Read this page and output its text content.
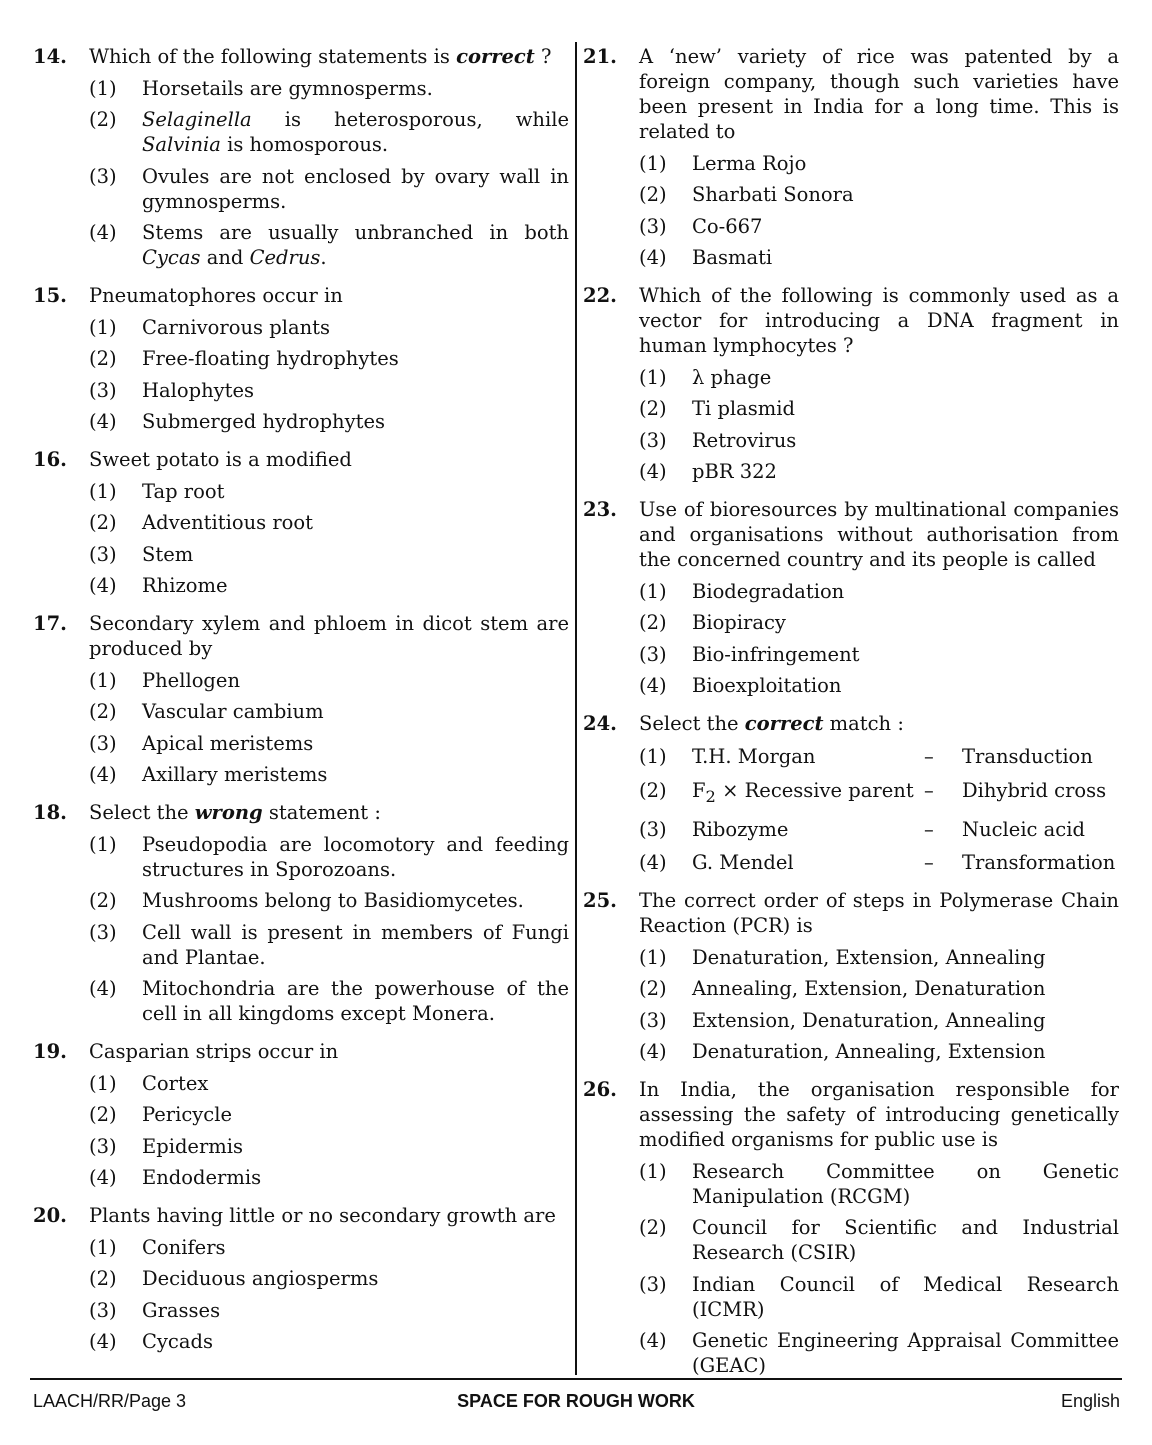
14.	Which of the following statements is correct ?
(1)	Horsetails are gymnosperms.
(2)	Selaginella is heterosporous, while Salvinia is homosporous.
(3)	Ovules are not enclosed by ovary wall in gymnosperms.
(4)	Stems are usually unbranched in both Cycas and Cedrus.
15.	Pneumatophores occur in
(1)	Carnivorous plants
(2)	Free-floating hydrophytes
(3)	Halophytes
(4)	Submerged hydrophytes
16.	Sweet potato is a modified
(1)	Tap root
(2)	Adventitious root
(3)	Stem
(4)	Rhizome
17.	Secondary xylem and phloem in dicot stem are produced by
(1)	Phellogen
(2)	Vascular cambium
(3)	Apical meristems
(4)	Axillary meristems
18.	Select the wrong statement :
(1)	Pseudopodia are locomotory and feeding structures in Sporozoans.
(2)	Mushrooms belong to Basidiomycetes.
(3)	Cell wall is present in members of Fungi and Plantae.
(4)	Mitochondria are the powerhouse of the cell in all kingdoms except Monera.
19.	Casparian strips occur in
(1)	Cortex
(2)	Pericycle
(3)	Epidermis
(4)	Endodermis
20.	Plants having little or no secondary growth are
(1)	Conifers
(2)	Deciduous angiosperms
(3)	Grasses
(4)	Cycads
21.	A ‘new’ variety of rice was patented by a foreign company, though such varieties have been present in India for a long time. This is related to
(1)	Lerma Rojo
(2)	Sharbati Sonora
(3)	Co-667
(4)	Basmati
22.	Which of the following is commonly used as a vector for introducing a DNA fragment in human lymphocytes ?
(1)	λ phage
(2)	Ti plasmid
(3)	Retrovirus
(4)	pBR 322
23.	Use of bioresources by multinational companies and organisations without authorisation from the concerned country and its people is called
(1)	Biodegradation
(2)	Biopiracy
(3)	Bio-infringement
(4)	Bioexploitation
24.	Select the correct match :
(1)	T.H. Morgan	–	Transduction
(2)	$F_2$ × Recessive parent –	Dihybrid cross
(3)	Ribozyme	–	Nucleic acid
(4)	G. Mendel	–	Transformation
25.	The correct order of steps in Polymerase Chain Reaction (PCR) is
(1)	Denaturation, Extension, Annealing
(2)	Annealing, Extension, Denaturation
(3)	Extension, Denaturation, Annealing
(4)	Denaturation, Annealing, Extension
26.	In India, the organisation responsible for assessing the safety of introducing genetically modified organisms for public use is
(1)	Research Committee on Genetic Manipulation (RCGM)
(2)	Council for Scientific and Industrial Research (CSIR)
(3)	Indian Council of Medical Research (ICMR)
(4)	Genetic Engineering Appraisal Committee (GEAC)
LAACH/RR/Page 3	SPACE FOR ROUGH WORK	English
